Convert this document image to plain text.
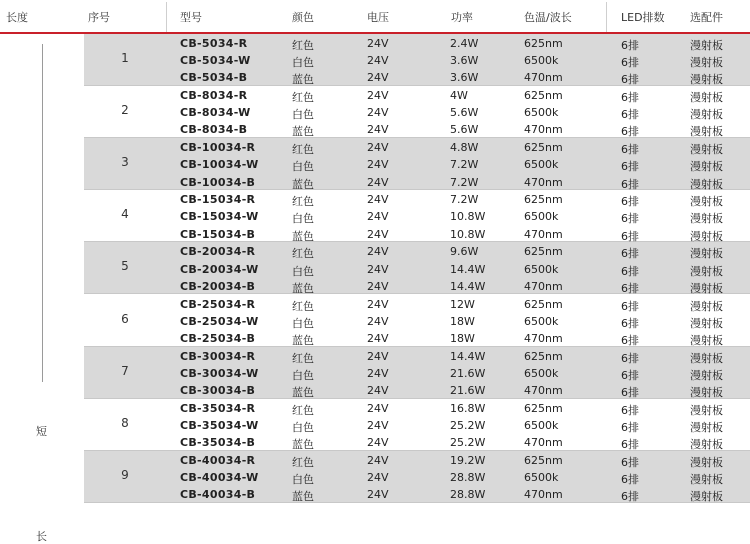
长度	序号	型号	颜色	电压	功率	色温/波长	LED排数 选配件
短
长
1
CB-5034-R	红色	24V	2.4W	625nm	6排	漫射板
CB-5034-W	白色	24V	3.6W	6500k	6排	漫射板
CB-5034-B	蓝色	24V	3.6W	470nm	6排	漫射板
2
CB-8034-R	红色	24V	4W	625nm	6排	漫射板
CB-8034-W	白色	24V	5.6W	6500k	6排	漫射板
CB-8034-B	蓝色	24V	5.6W	470nm	6排	漫射板
3
CB-10034-R	红色	24V	4.8W	625nm	6排	漫射板
CB-10034-W	白色	24V	7.2W	6500k	6排	漫射板
CB-10034-B	蓝色	24V	7.2W	470nm	6排	漫射板
4
CB-15034-R	红色	24V	7.2W	625nm	6排	漫射板
CB-15034-W	白色	24V	10.8W	6500k	6排	漫射板
CB-15034-B	蓝色	24V	10.8W	470nm	6排	漫射板
5
CB-20034-R	红色	24V	9.6W	625nm	6排	漫射板
CB-20034-W	白色	24V	14.4W	6500k	6排	漫射板
CB-20034-B	蓝色	24V	14.4W	470nm	6排	漫射板
6
CB-25034-R	红色	24V	12W	625nm	6排	漫射板
CB-25034-W	白色	24V	18W	6500k	6排	漫射板
CB-25034-B	蓝色	24V	18W	470nm	6排	漫射板
7
CB-30034-R	红色	24V	14.4W	625nm	6排	漫射板
CB-30034-W	白色	24V	21.6W	6500k	6排	漫射板
CB-30034-B	蓝色	24V	21.6W	470nm	6排	漫射板
8
CB-35034-R	红色	24V	16.8W	625nm	6排	漫射板
CB-35034-W	白色	24V	25.2W	6500k	6排	漫射板
CB-35034-B	蓝色	24V	25.2W	470nm	6排	漫射板
9
CB-40034-R	红色	24V	19.2W	625nm	6排	漫射板
CB-40034-W	白色	24V	28.8W	6500k	6排	漫射板
CB-40034-B	蓝色	24V	28.8W	470nm	6排	漫射板
